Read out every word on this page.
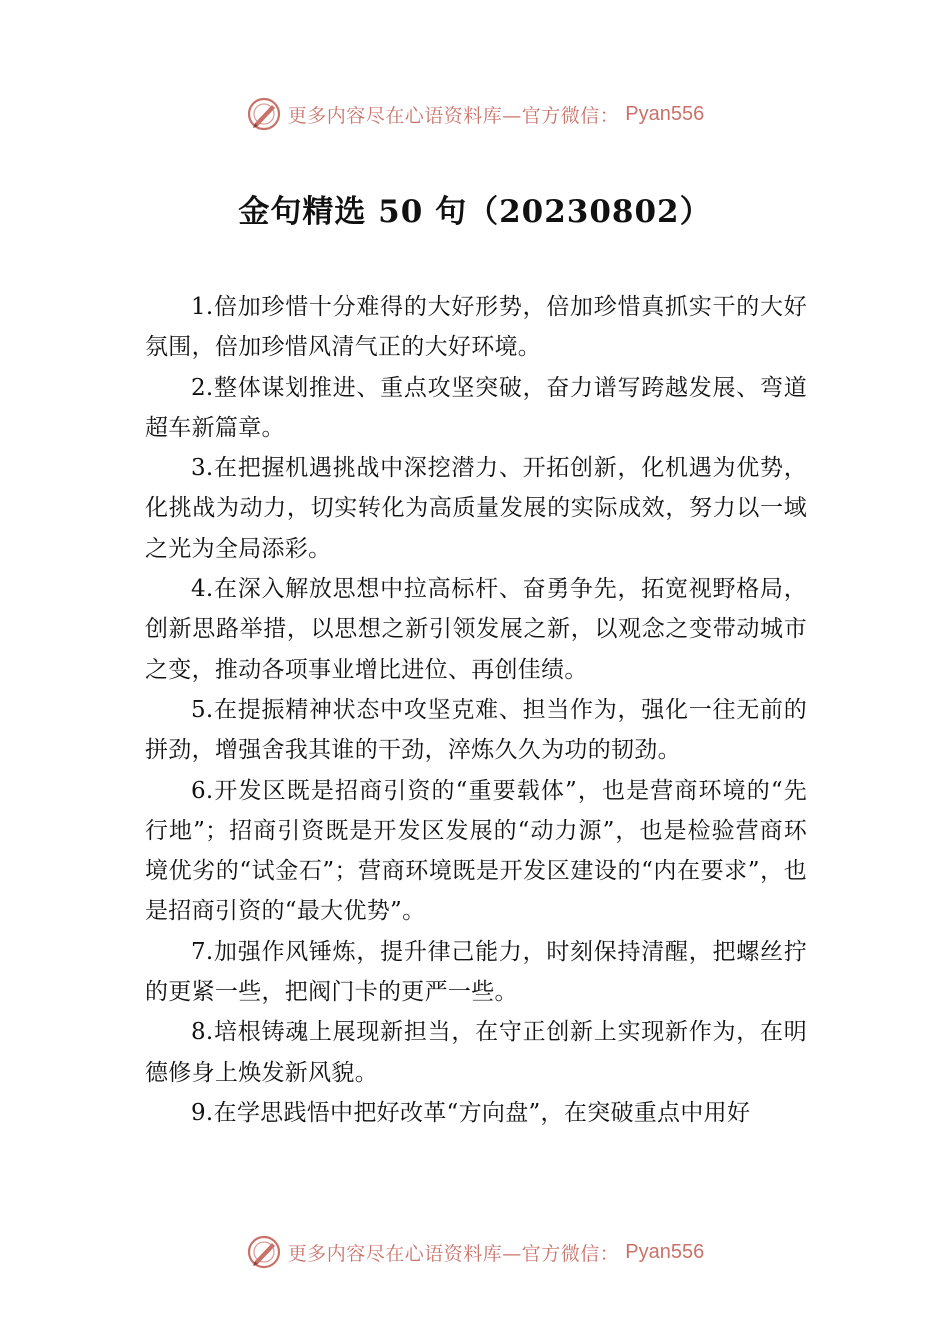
更多内容尽在心语资料库—官方微信： Pyan556
金句精选 50 句（20230802）

1.倍加珍惜十分难得的大好形势，倍加珍惜真抓实干的大好氛围，倍加珍惜风清气正的大好环境。

2.整体谋划推进、重点攻坚突破，奋力谱写跨越发展、弯道超车新篇章。

3.在把握机遇挑战中深挖潜力、开拓创新，化机遇为优势，化挑战为动力，切实转化为高质量发展的实际成效，努力以一域之光为全局添彩。

4.在深入解放思想中拉高标杆、奋勇争先，拓宽视野格局，创新思路举措，以思想之新引领发展之新，以观念之变带动城市之变，推动各项事业增比进位、再创佳绩。

5.在提振精神状态中攻坚克难、担当作为，强化一往无前的拼劲，增强舍我其谁的干劲，淬炼久久为功的韧劲。

6.开发区既是招商引资的“重要载体”，也是营商环境的“先行地”；招商引资既是开发区发展的“动力源”，也是检验营商环境优劣的“试金石”；营商环境既是开发区建设的“内在要求”，也是招商引资的“最大优势”。

7.加强作风锤炼，提升律己能力，时刻保持清醒，把螺丝拧的更紧一些，把阀门卡的更严一些。

8.培根铸魂上展现新担当，在守正创新上实现新作为，在明德修身上焕发新风貌。

9.在学思践悟中把好改革“方向盘”，在突破重点中用好

更多内容尽在心语资料库—官方微信： Pyan556
